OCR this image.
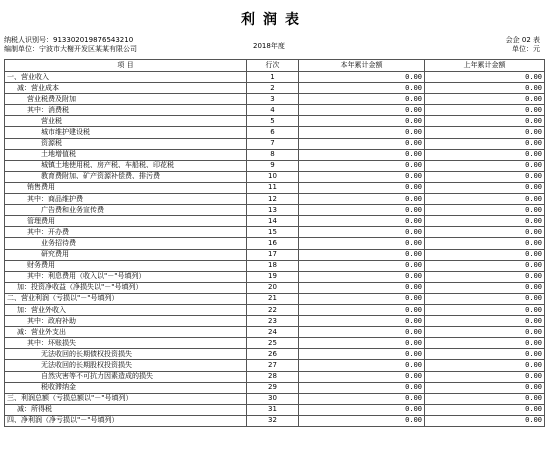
利润表
纳税人识别号：913302019876543210
编制单位：宁波市大榭开发区某某有限公司	2018年度
会企 02 表
单位：元
项 目	行次	本年累计金额	上年累计金额
一、营业收入	1	0.00	0.00
减：营业成本	2	0.00	0.00
营业税费及附加	3	0.00	0.00
其中：消费税	4	0.00	0.00
营业税	5	0.00	0.00
城市维护建设税	6	0.00	0.00
资源税	7	0.00	0.00
土地增值税	8	0.00	0.00
城镇土地使用税、房产税、车船税、印花税	9	0.00	0.00
教育费附加、矿产资源补偿费、排污费	10	0.00	0.00
销售费用	11	0.00	0.00
其中：商品维护费	12	0.00	0.00
广告费和业务宣传费	13	0.00	0.00
管理费用	14	0.00	0.00
其中：开办费	15	0.00	0.00
业务招待费	16	0.00	0.00
研究费用	17	0.00	0.00
财务费用	18	0.00	0.00
其中：利息费用（收入以"－"号填列）	19	0.00	0.00
加：投资净收益（净损失以"－"号填列）	20	0.00	0.00
二、营业利润（亏损以"－"号填列）	21	0.00	0.00
加：营业外收入	22	0.00	0.00
其中：政府补助	23	0.00	0.00
减：营业外支出	24	0.00	0.00
其中：坏账损失	25	0.00	0.00
无法收回的长期债权投资损失	26	0.00	0.00
无法收回的长期股权投资损失	27	0.00	0.00
自然灾害等不可抗力因素造成的损失	28	0.00	0.00
税收滞纳金	29	0.00	0.00
三、利润总额（亏损总额以"－"号填列）	30	0.00	0.00
减：所得税	31	0.00	0.00
四、净利润（净亏损以"－"号填列）	32	0.00	0.00
